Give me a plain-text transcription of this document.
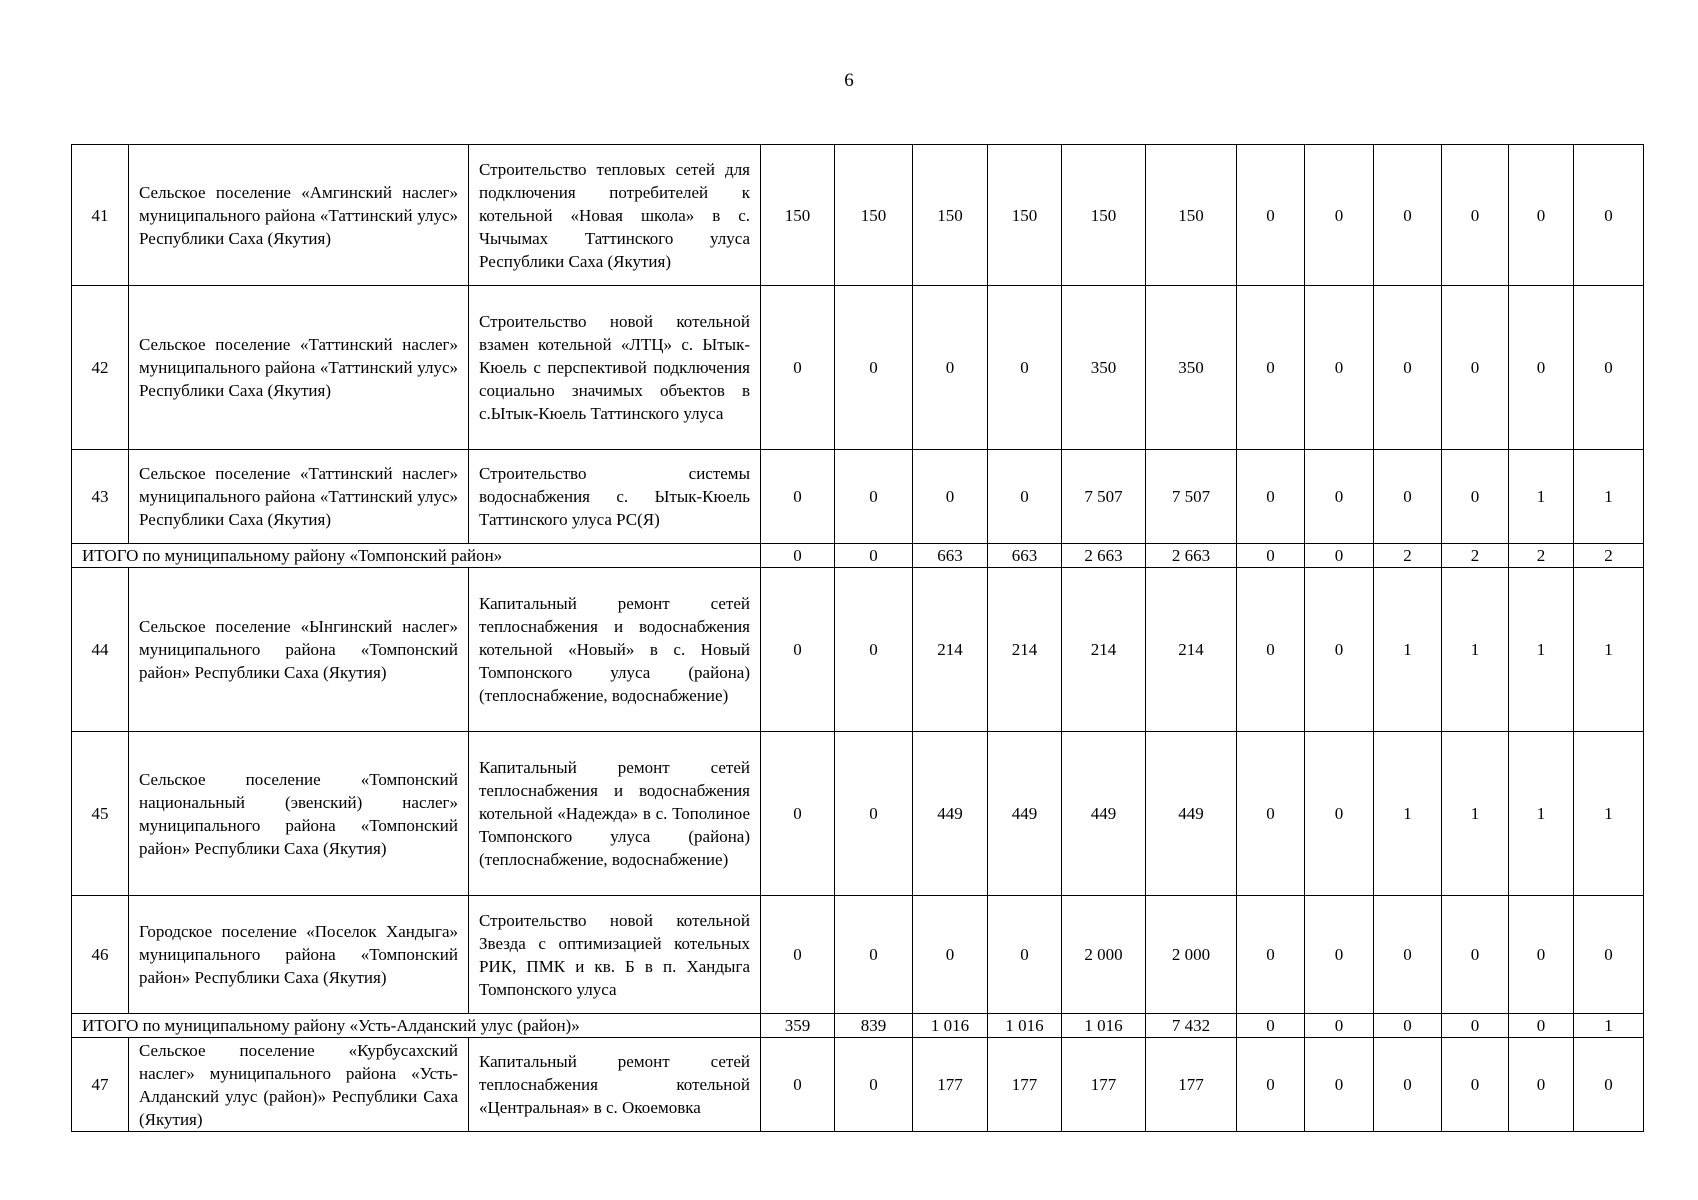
6
41	Сельское поселение «Амгинский наслег» муниципального района «Таттинский улус» Республики Саха (Якутия)	Строительство тепловых сетей для подключения потребителей к котельной «Новая школа» в с. Чычымах Таттинского улуса Республики Саха (Якутия)	150	150	150	150	150	150	0	0	0	0	0	0
42	Сельское поселение «Таттинский наслег» муниципального района «Таттинский улус» Республики Саха (Якутия)	Строительство новой котельной взамен котельной «ЛТЦ» с. Ытык-Кюель с перспективой подключения социально значимых объектов в с.Ытык-Кюель Таттинского улуса	0	0	0	0	350	350	0	0	0	0	0	0
43	Сельское поселение «Таттинский наслег» муниципального района «Таттинский улус» Республики Саха (Якутия)	Строительство системы водоснабжения с. Ытык-Кюель Таттинского улуса РС(Я)	0	0	0	0	7 507	7 507	0	0	0	0	1	1
ИТОГО по муниципальному району «Томпонский район»			0	0	663	663	2 663	2 663	0	0	2	2	2	2
44	Сельское поселение «Ынгинский наслег» муниципального района «Томпонский район» Республики Саха (Якутия)	Капитальный ремонт сетей теплоснабжения и водоснабжения котельной «Новый» в с. Новый Томпонского улуса (района) (теплоснабжение, водоснабжение)	0	0	214	214	214	214	0	0	1	1	1	1
45	Сельское поселение «Томпонский национальный (эвенский) наслег» муниципального района «Томпонский район» Республики Саха (Якутия)	Капитальный ремонт сетей теплоснабжения и водоснабжения котельной «Надежда» в с. Тополиное Томпонского улуса (района) (теплоснабжение, водоснабжение)	0	0	449	449	449	449	0	0	1	1	1	1
46	Городское поселение «Поселок Хандыга» муниципального района «Томпонский район» Республики Саха (Якутия)	Строительство новой котельной Звезда с оптимизацией котельных РИК, ПМК и кв. Б в п. Хандыга Томпонского улуса	0	0	0	0	2 000	2 000	0	0	0	0	0	0
ИТОГО по муниципальному району «Усть-Алданский улус (район)»			359	839	1 016	1 016	1 016	7 432	0	0	0	0	0	1
47	Сельское поселение «Курбусахский наслег» муниципального района «Усть-Алданский улус (район)» Республики Саха (Якутия)	Капитальный ремонт сетей теплоснабжения котельной «Центральная» в с. Окоемовка	0	0	177	177	177	177	0	0	0	0	0	0
